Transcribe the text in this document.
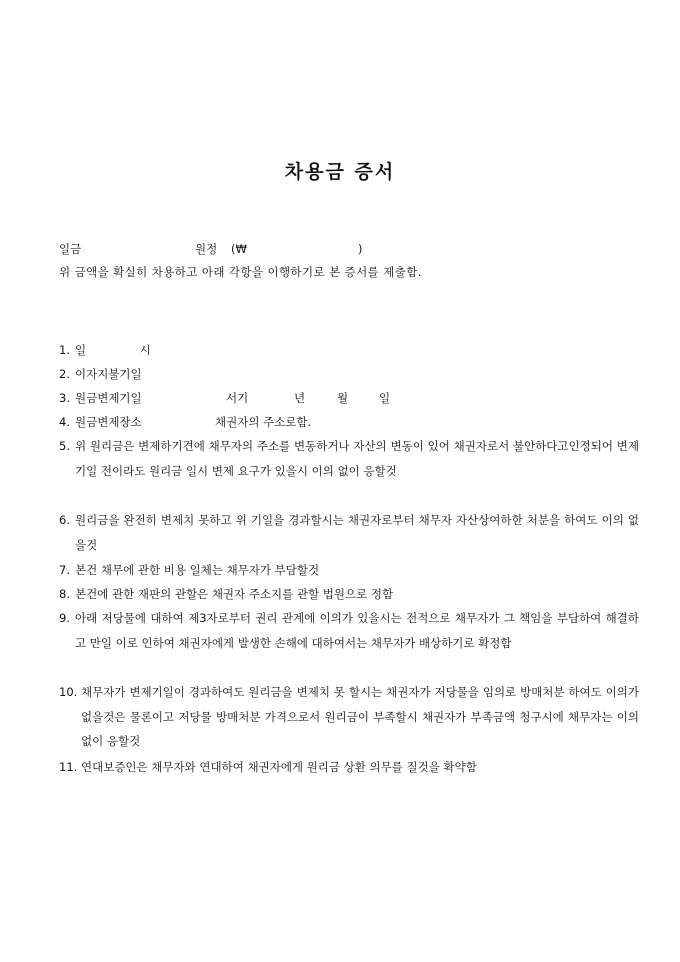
차용금 증서
일금	원정 (₩	)
위 금액을 확실히 차용하고 아래 각항을 이행하기로 본 증서를 제출함.
1. 일 시
2. 이자지불기일
3. 원금변제기일	서기	년	월	일
4. 원금변제장소	채권자의 주소로함.
5. 위 원리금은 변제하기견에 채무자의 주소를 변동하거나 자산의 변동이 있어 채권자로서 불안하다고인정되어 변제기일 전이라도 원리금 일시 변제 요구가 있을시 이의 없이 응할것
6. 원리금을 완전히 변제치 못하고 위 기일을 경과할시는 채권자로부터 채무자 자산상여하한 처분을 하여도 이의 없을것
7. 본건 채무에 관한 비용 일체는 채무자가 부담할것
8. 본건에 관한 재판의 관할은 채권자 주소지를 관할 법원으로 정함
9. 아래 저당물에 대하여 제3자로부터 권리 관계에 이의가 있을시는 전적으로 채무자가 그 책임을 부담하여 해결하고 만일 이로 인하여 채권자에게 발생한 손해에 대하여서는 채무자가 배상하기로 확정함
10. 채무자가 변제기일이 경과하여도 원리금을 변제치 못 할시는 채권자가 저당물을 임의로 방매처분 하여도 이의가 없을것은 물론이고 저당물 방매처분 가격으로서 원리금이 부족할시 채권자가 부족금액 청구시에 채무자는 이의없이 응할것
11. 연대보증인은 채무자와 연대하여 채권자에게 원리금 상환 의무를 질것을 확약함
